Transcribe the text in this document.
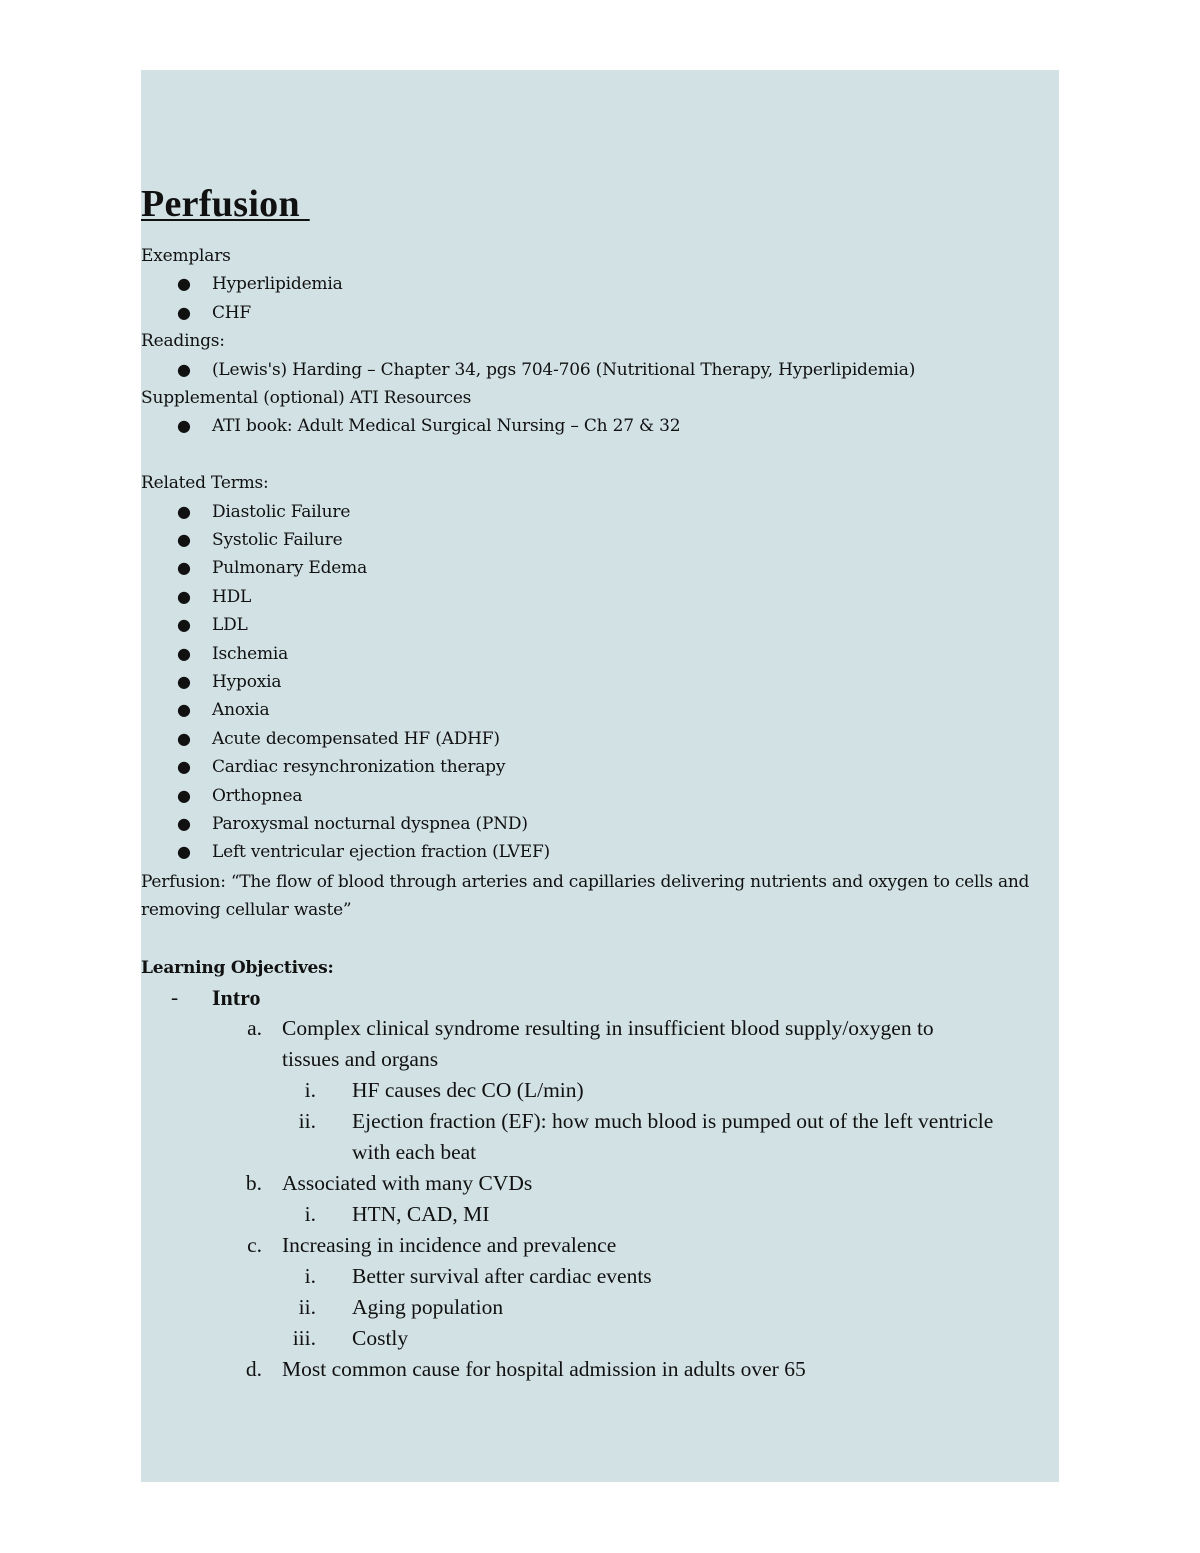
Perfusion
Exemplars
● Hyperlipidemia
● CHF
Readings:
● (Lewis's) Harding – Chapter 34, pgs 704-706 (Nutritional Therapy, Hyperlipidemia)
Supplemental (optional) ATI Resources
● ATI book: Adult Medical Surgical Nursing – Ch 27 & 32
Related Terms:
● Diastolic Failure
● Systolic Failure
● Pulmonary Edema
● HDL
● LDL
● Ischemia
● Hypoxia
● Anoxia
● Acute decompensated HF (ADHF)
● Cardiac resynchronization therapy
● Orthopnea
● Paroxysmal nocturnal dyspnea (PND)
● Left ventricular ejection fraction (LVEF)

Perfusion: “The flow of blood through arteries and capillaries delivering nutrients and oxygen to cells and removing cellular waste”

Learning Objectives:
-	Intro
a. Complex clinical syndrome resulting in insufficient blood supply/oxygen to
tissues and organs
i. HF causes dec CO (L/min)
ii. Ejection fraction (EF): how much blood is pumped out of the left ventricle
with each beat
b. Associated with many CVDs
i. HTN, CAD, MI
c. Increasing in incidence and prevalence
i. Better survival after cardiac events
ii. Aging population
iii. Costly
d. Most common cause for hospital admission in adults over 65
